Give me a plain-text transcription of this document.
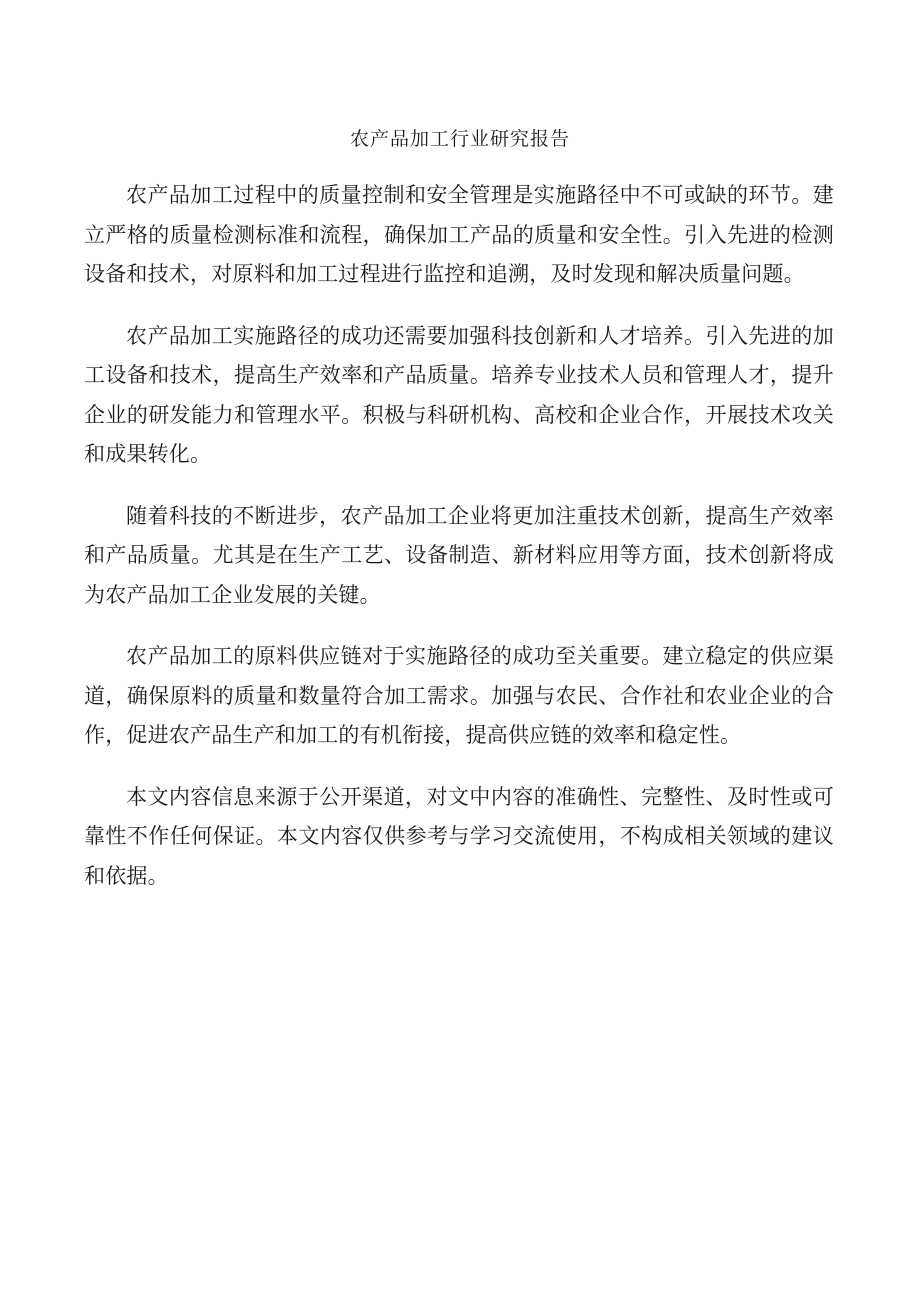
农产品加工行业研究报告

农产品加工过程中的质量控制和安全管理是实施路径中不可或缺的环节。建立严格的质量检测标准和流程，确保加工产品的质量和安全性。引入先进的检测设备和技术，对原料和加工过程进行监控和追溯，及时发现和解决质量问题。

农产品加工实施路径的成功还需要加强科技创新和人才培养。引入先进的加工设备和技术，提高生产效率和产品质量。培养专业技术人员和管理人才，提升企业的研发能力和管理水平。积极与科研机构、高校和企业合作，开展技术攻关和成果转化。

随着科技的不断进步，农产品加工企业将更加注重技术创新，提高生产效率和产品质量。尤其是在生产工艺、设备制造、新材料应用等方面，技术创新将成为农产品加工企业发展的关键。

农产品加工的原料供应链对于实施路径的成功至关重要。建立稳定的供应渠道，确保原料的质量和数量符合加工需求。加强与农民、合作社和农业企业的合作，促进农产品生产和加工的有机衔接，提高供应链的效率和稳定性。

本文内容信息来源于公开渠道，对文中内容的准确性、完整性、及时性或可靠性不作任何保证。本文内容仅供参考与学习交流使用，不构成相关领域的建议和依据。
